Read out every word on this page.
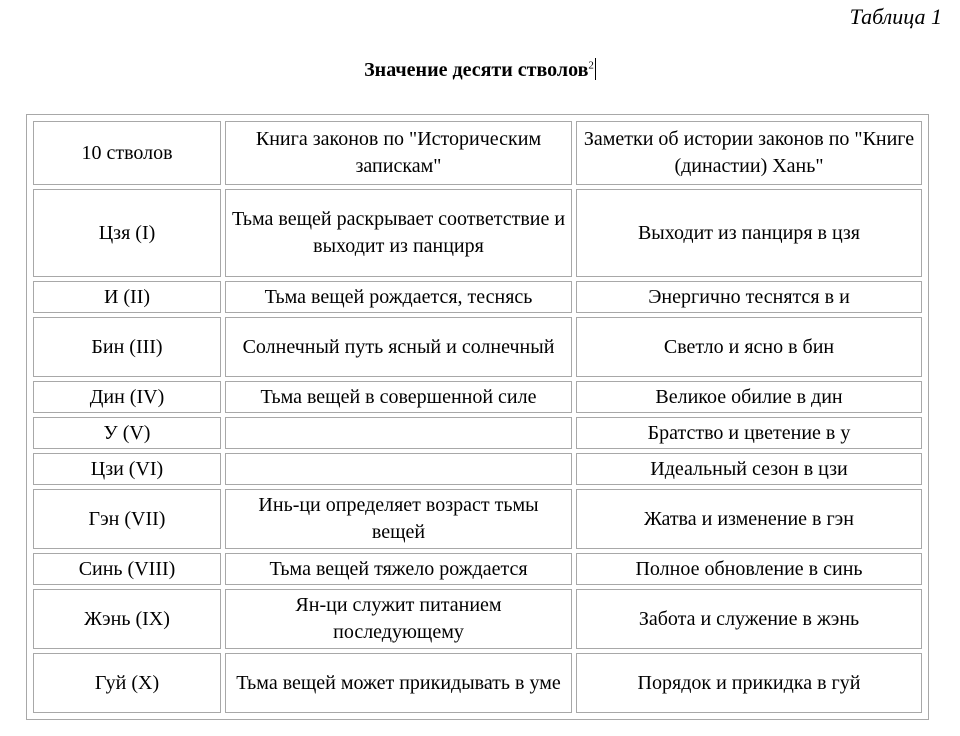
Таблица 1
Значение десяти стволов$^2$
10 стволов	Книга законов по "Историческим запискам"	Заметки об истории законов по "Книге (династии) Хань"
Цзя (I)	Тьма вещей раскрывает соответствие и выходит из панциря	Выходит из панциря в цзя
И (II)	Тьма вещей рождается, теснясь	Энергично теснятся в и
Бин (III)	Солнечный путь ясный и солнечный	Светло и ясно в бин
Дин (IV)	Тьма вещей в совершенной силе	Великое обилие в дин
У (V)		Братство и цветение в у
Цзи (VI)		Идеальный сезон в цзи
Гэн (VII)	Инь-ци определяет возраст тьмы вещей	Жатва и изменение в гэн
Синь (VIII)	Тьма вещей тяжело рождается	Полное обновление в синь
Жэнь (IX)	Ян-ци служит питанием последующему	Забота и служение в жэнь
Гуй (X)	Тьма вещей может прикидывать в уме	Порядок и прикидка в гуй
